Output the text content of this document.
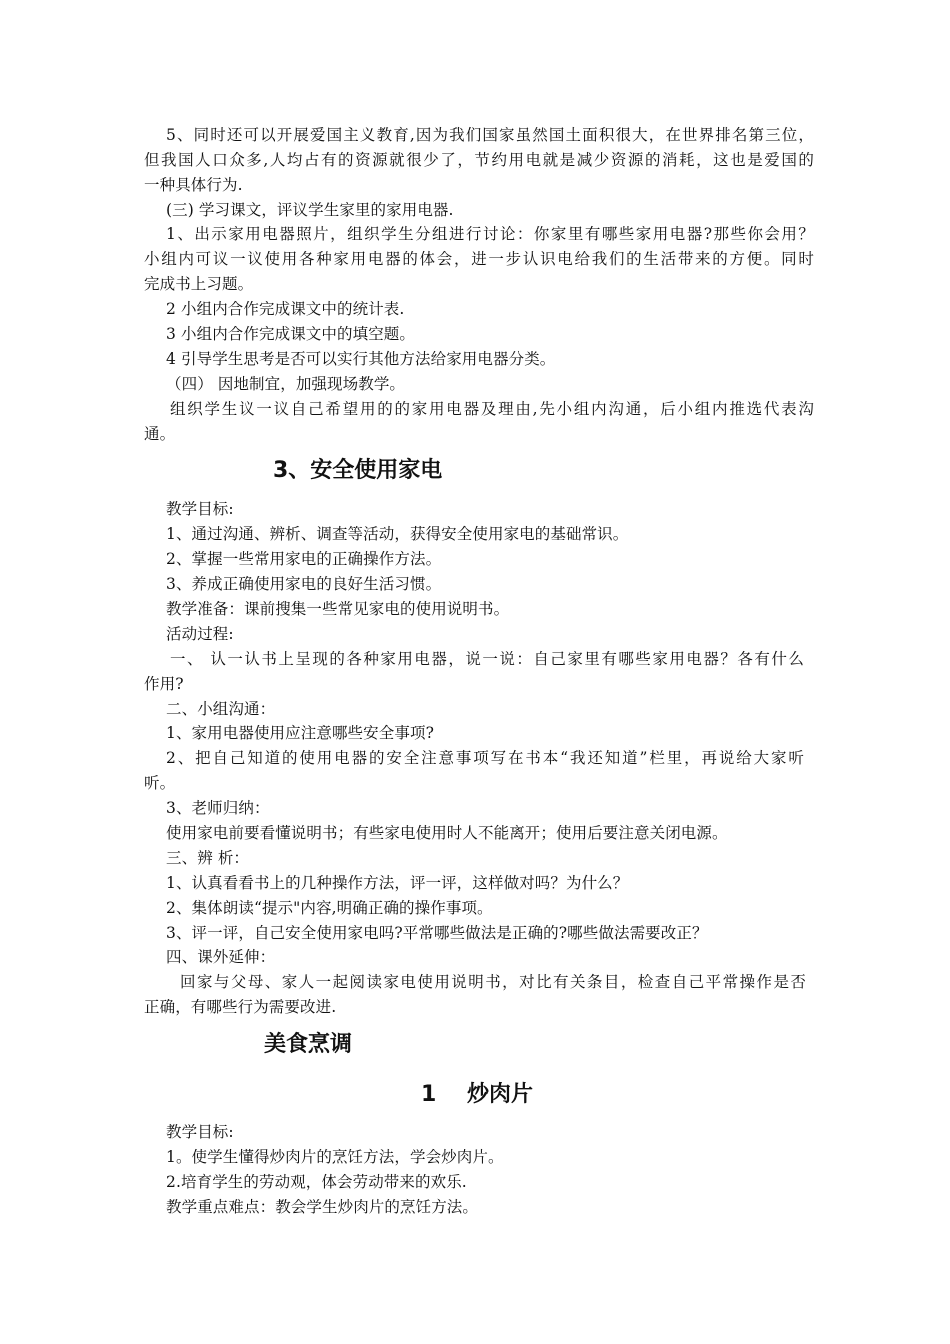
5、同时还可以开展爱国主义教育,因为我们国家虽然国土面积很大，在世界排名第三位，
但我国人口众多,人均占有的资源就很少了，节约用电就是减少资源的消耗，这也是爱国的
一种具体行为.
(三) 学习课文，评议学生家里的家用电器.
1、出示家用电器照片，组织学生分组进行讨论：你家里有哪些家用电器?那些你会用？
小组内可议一议使用各种家用电器的体会，进一步认识电给我们的生活带来的方便。同时
完成书上习题。
2 小组内合作完成课文中的统计表.
3 小组内合作完成课文中的填空题。
4 引导学生思考是否可以实行其他方法给家用电器分类。
（四） 因地制宜，加强现场教学。
组织学生议一议自己希望用的的家用电器及理由,先小组内沟通，后小组内推选代表沟
通。
3、安全使用家电
教学目标:
1、通过沟通、辨析、调查等活动，获得安全使用家电的基础常识。
2、掌握一些常用家电的正确操作方法。
3、养成正确使用家电的良好生活习惯。
教学准备：课前搜集一些常见家电的使用说明书。
活动过程:
一、 认一认书上呈现的各种家用电器，说一说：自己家里有哪些家用电器？各有什么
作用?
二、小组沟通：
1、家用电器使用应注意哪些安全事项?
2、把自己知道的使用电器的安全注意事项写在书本“我还知道”栏里，再说给大家听
听。
3、老师归纳：
使用家电前要看懂说明书；有些家电使用时人不能离开；使用后要注意关闭电源。
三、辨 析：
1、认真看看书上的几种操作方法，评一评，这样做对吗？为什么？
2、集体朗读“提示"内容,明确正确的操作事项。
3、评一评，自己安全使用家电吗?平常哪些做法是正确的?哪些做法需要改正？
四、课外延伸：
回家与父母、家人一起阅读家电使用说明书，对比有关条目，检查自己平常操作是否
正确，有哪些行为需要改进.
美食烹调
1    炒肉片
教学目标:
1。使学生懂得炒肉片的烹饪方法，学会炒肉片。
2.培育学生的劳动观，体会劳动带来的欢乐.
教学重点难点：教会学生炒肉片的烹饪方法。
